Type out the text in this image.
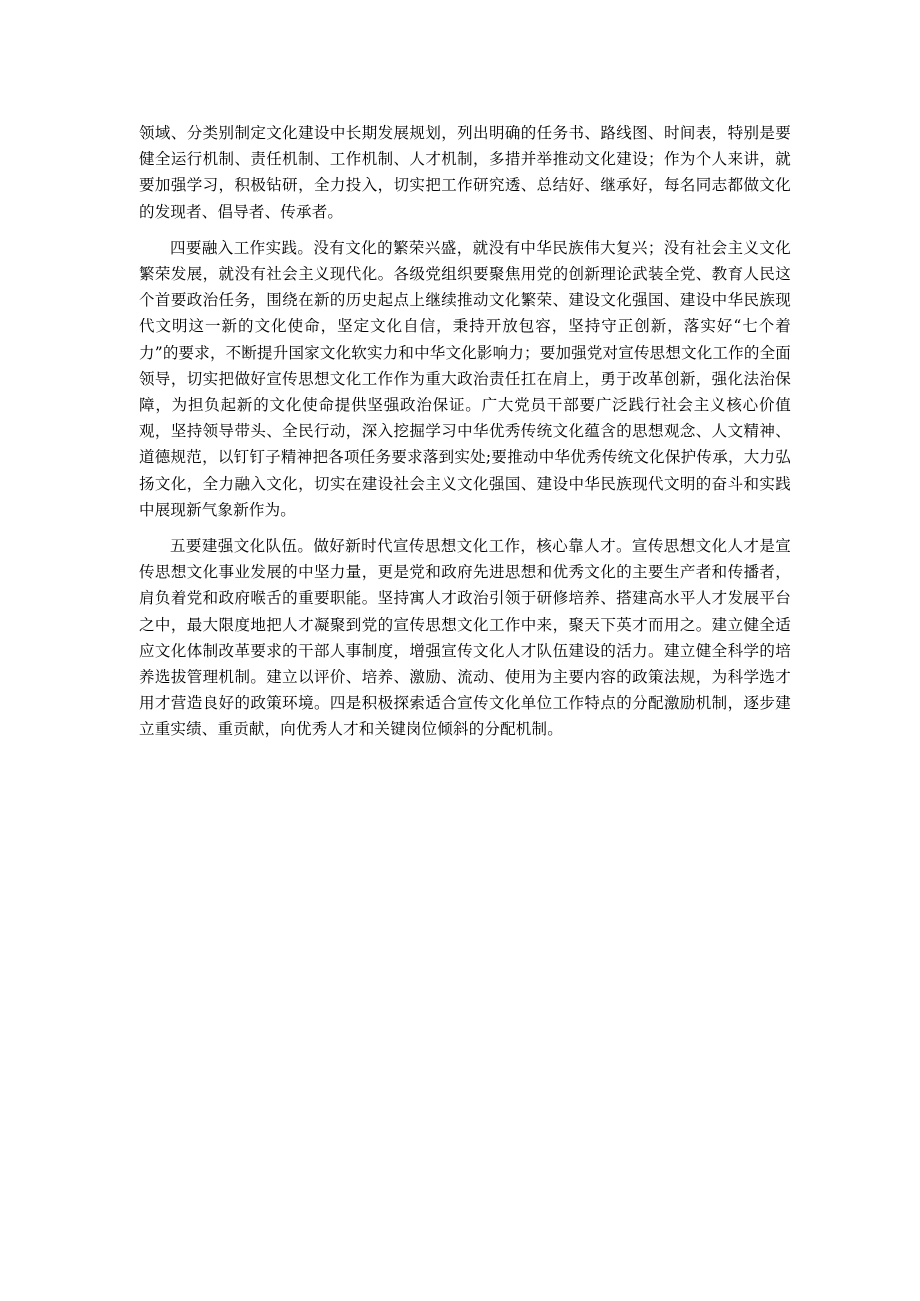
领域、分类别制定文化建设中长期发展规划，列出明确的任务书、路线图、时间表，特别是要健全运行机制、责任机制、工作机制、人才机制，多措并举推动文化建设；作为个人来讲，就要加强学习，积极钻研，全力投入，切实把工作研究透、总结好、继承好，每名同志都做文化的发现者、倡导者、传承者。

四要融入工作实践。没有文化的繁荣兴盛，就没有中华民族伟大复兴；没有社会主义文化繁荣发展，就没有社会主义现代化。各级党组织要聚焦用党的创新理论武装全党、教育人民这个首要政治任务，围绕在新的历史起点上继续推动文化繁荣、建设文化强国、建设中华民族现代文明这一新的文化使命，坚定文化自信，秉持开放包容，坚持守正创新，落实好“七个着力”的要求，不断提升国家文化软实力和中华文化影响力；要加强党对宣传思想文化工作的全面领导，切实把做好宣传思想文化工作作为重大政治责任扛在肩上，勇于改革创新，强化法治保障，为担负起新的文化使命提供坚强政治保证。广大党员干部要广泛践行社会主义核心价值观，坚持领导带头、全民行动，深入挖掘学习中华优秀传统文化蕴含的思想观念、人文精神、道德规范，以钉钉子精神把各项任务要求落到实处;要推动中华优秀传统文化保护传承，大力弘扬文化，全力融入文化，切实在建设社会主义文化强国、建设中华民族现代文明的奋斗和实践中展现新气象新作为。

五要建强文化队伍。做好新时代宣传思想文化工作，核心靠人才。宣传思想文化人才是宣传思想文化事业发展的中坚力量，更是党和政府先进思想和优秀文化的主要生产者和传播者，肩负着党和政府喉舌的重要职能。坚持寓人才政治引领于研修培养、搭建高水平人才发展平台之中，最大限度地把人才凝聚到党的宣传思想文化工作中来，聚天下英才而用之。建立健全适应文化体制改革要求的干部人事制度，增强宣传文化人才队伍建设的活力。建立健全科学的培养选拔管理机制。建立以评价、培养、激励、流动、使用为主要内容的政策法规，为科学选才用才营造良好的政策环境。四是积极探索适合宣传文化单位工作特点的分配激励机制，逐步建立重实绩、重贡献，向优秀人才和关键岗位倾斜的分配机制。
